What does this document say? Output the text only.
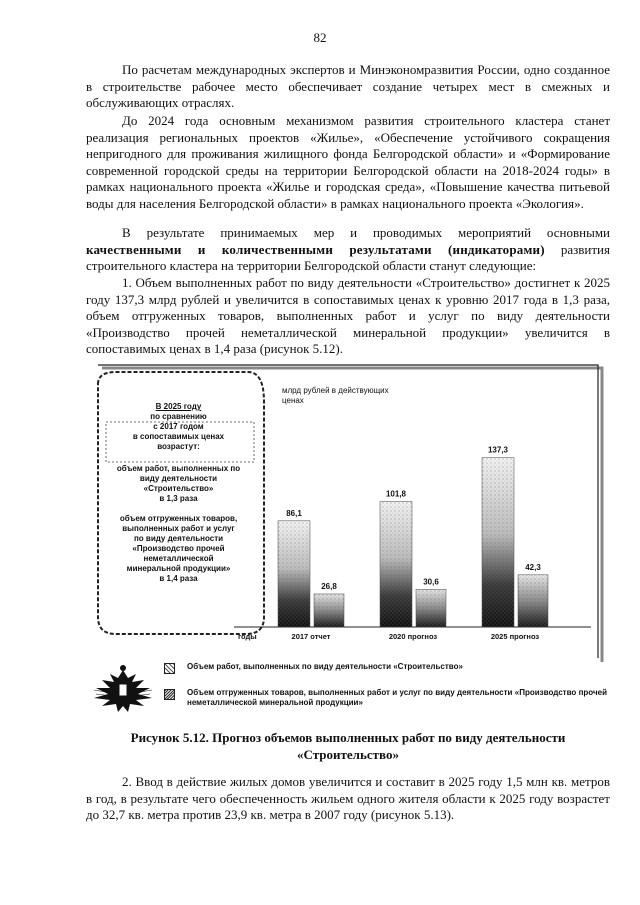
82

По расчетам международных экспертов и Минэкономразвития России, одно созданное в строительстве рабочее место обеспечивает создание четырех мест в смежных и обслуживающих отраслях.

До 2024 года основным механизмом развития строительного кластера станет реализация региональных проектов «Жилье», «Обеспечение устойчивого сокращения непригодного для проживания жилищного фонда Белгородской области» и «Формирование современной городской среды на территории Белгородской области на 2018-2024 годы» в рамках национального проекта «Жилье и городская среда», «Повышение качества питьевой воды для населения Белгородской области» в рамках национального проекта «Экология».

В результате принимаемых мер и проводимых мероприятий основными качественными и количественными результатами (индикаторами) развития строительного кластера на территории Белгородской области станут следующие:

1. Объем выполненных работ по виду деятельности «Строительство» достигнет к 2025 году 137,3 млрд рублей и увеличится в сопоставимых ценах к уровню 2017 года в 1,3 раза, объем отгруженных товаров, выполненных работ и услуг по виду деятельности «Производство прочей неметаллической минеральной продукции» увеличится в сопоставимых ценах в 1,4 раза (рисунок 5.12).

86,1
26,8
2017 отчет
101,8
30,6
2020 прогноз
137,3
42,3
2025 прогноз
годы
млрд рублей в действующих ценах
В 2025 году
по сравнению
с 2017 годом
в сопоставимых ценах
возрастут:
объем работ, выполненных по
виду деятельности
«Строительство»
в 1,3 раза
объем отгруженных товаров,
выполненных работ и услуг
по виду деятельности
«Производство прочей
неметаллической
минеральной продукции»
в 1,4 раза
Объем работ, выполненных по виду деятельности «Строительство»
Объем отгруженных товаров, выполненных работ и услуг по виду деятельности «Производство прочей неметаллической минеральной продукции»
Рисунок 5.12. Прогноз объемов выполненных работ по виду деятельности
«Строительство»

2. Ввод в действие жилых домов увеличится и составит в 2025 году 1,5 млн кв. метров в год, в результате чего обеспеченность жильем одного жителя области к 2025 году возрастет до 32,7 кв. метра против 23,9 кв. метра в 2007 году (рисунок 5.13).
